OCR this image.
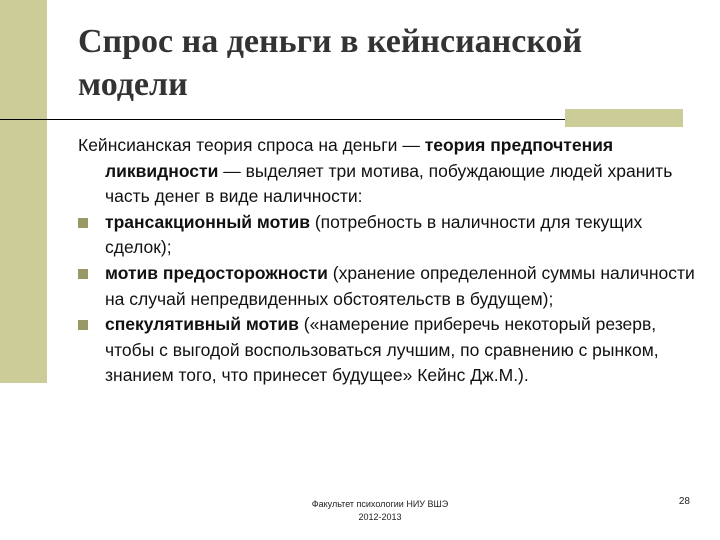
Спрос на деньги в кейнсианской модели

Кейнсианская теория спроса на деньги — теория предпочтения ликвидности — выделяет три мотива, побуждающие людей хранить часть денег в виде наличности:

трансакционный мотив (потребность в наличности для текущих сделок);

мотив предосторожности (хранение определенной суммы наличности на случай непредвиденных обстоятельств в будущем);

спекулятивный мотив («намерение приберечь некоторый резерв, чтобы с выгодой воспользоваться лучшим, по сравнению с рынком, знанием того, что принесет будущее» Кейнс Дж.М.).

Факультет психологии НИУ ВШЭ
2012-2013
28
